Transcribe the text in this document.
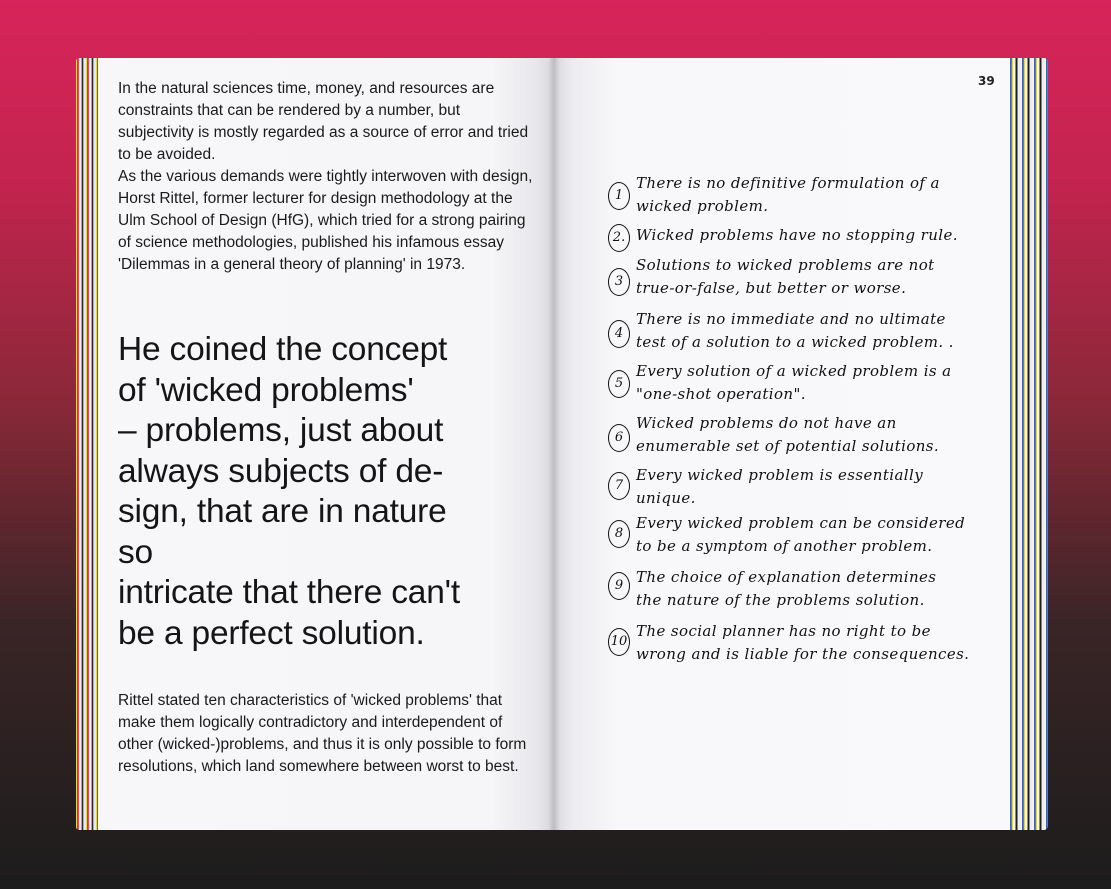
In the natural sciences time, money, and resources are constraints that can be rendered by a number, but subjectivity is mostly regarded as a source of error and tried to be avoided.

As the various demands were tightly interwoven with design, Horst Rittel, former lecturer for design methodology at the Ulm School of Design (HfG), which tried for a strong pairing of science methodologies, published his infamous essay 'Dilemmas in a general theory of planning' in 1973.

He coined the concept
of 'wicked problems'
– problems, just about
always subjects of de-
sign, that are in nature
so
intricate that there can't
be a perfect solution.

Rittel stated ten characteristics of 'wicked problems' that make them logically contradictory and interdependent of other (wicked-)problems, and thus it is only possible to form resolutions, which land somewhere between worst to best.

39
1
There is no definitive formulation of a
wicked problem.
2. Wicked problems have no stopping rule.
3
Solutions to wicked problems are not
true-or-false, but better or worse.
4
There is no immediate and no ultimate
test of a solution to a wicked problem. .
5
Every solution of a wicked problem is a
"one-shot operation".
6
Wicked problems do not have an
enumerable set of potential solutions.
7
Every wicked problem is essentially
unique.
8
Every wicked problem can be considered
to be a symptom of another problem.
9 The choice of explanation determines
the nature of the problems solution.
10
The social planner has no right to be
wrong and is liable for the consequences.
